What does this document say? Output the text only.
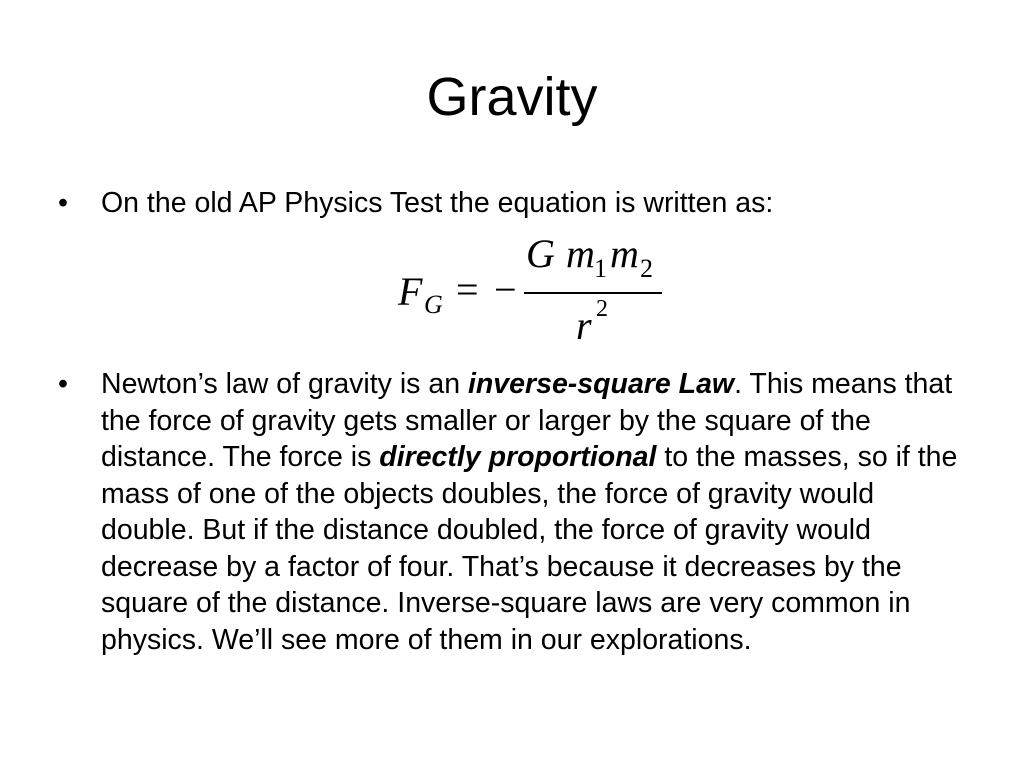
Gravity
• On the old AP Physics Test the equation is written as:
F G = −
G m 1 m 2
r 2
• Newton’s law of gravity is an inverse-square Law. This means that the force of gravity gets smaller or larger by the square of the distance. The force is directly proportional to the masses, so if the mass of one of the objects doubles, the force of gravity would double. But if the distance doubled, the force of gravity would decrease by a factor of four. That’s because it decreases by the square of the distance. Inverse-square laws are very common in physics. We’ll see more of them in our explorations.
